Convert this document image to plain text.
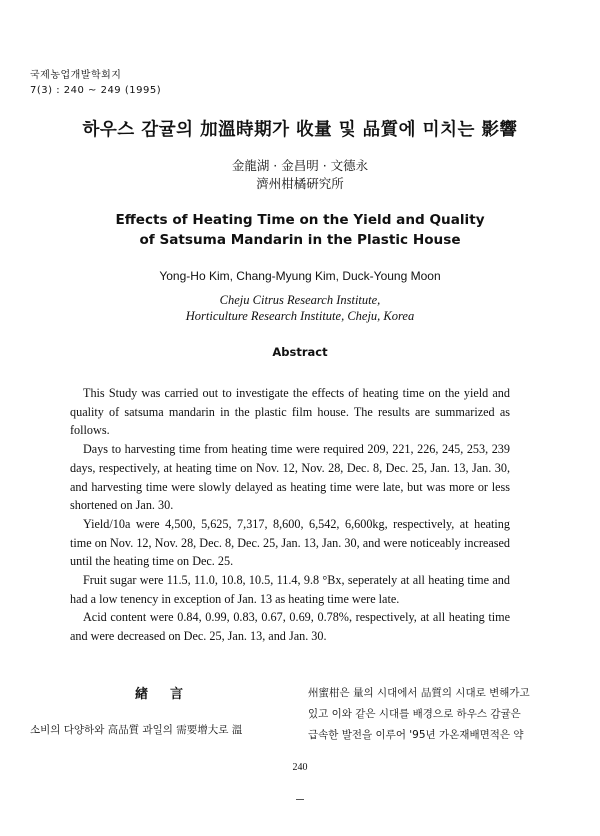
국제농업개발학회지
7(3) : 240 ~ 249 (1995)
하우스 감귤의 加溫時期가 收量 및 品質에 미치는 影響
金龍湖 · 金昌明 · 文德永
濟州柑橘硏究所
Effects of Heating Time on the Yield and Quality
of Satsuma Mandarin in the Plastic House
Yong-Ho Kim, Chang-Myung Kim, Duck-Young Moon
Cheju Citrus Research Institute,
Horticulture Research Institute, Cheju, Korea
Abstract

This Study was carried out to investigate the effects of heating time on the yield and quality of satsuma mandarin in the plastic film house. The results are summarized as follows.

Days to harvesting time from heating time were required 209, 221, 226, 245, 253, 239 days, respectively, at heating time on Nov. 12, Nov. 28, Dec. 8, Dec. 25, Jan. 13, Jan. 30, and harvesting time were slowly delayed as heating time were late, but was more or less shortened on Jan. 30.

Yield/10a were 4,500, 5,625, 7,317, 8,600, 6,542, 6,600kg, respectively, at heating time on Nov. 12, Nov. 28, Dec. 8, Dec. 25, Jan. 13, Jan. 30, and were noticeably increased until the heating time on Dec. 25.

Fruit sugar were 11.5, 11.0, 10.8, 10.5, 11.4, 9.8 °Bx, seperately at all heating time and had a low tenency in exception of Jan. 13 as heating time were late.

Acid content were 0.84, 0.99, 0.83, 0.67, 0.69, 0.78%, respectively, at all heating time and were decreased on Dec. 25, Jan. 13, and Jan. 30.

緖言
소비의 다양하와 高品質 과일의 需要增大로 溫
州蜜柑은 量의 시대에서 品質의 시대로 변해가고
있고 이와 같은 시대를 배경으로 하우스 감귤은
급속한 발전을 이루어 '95년 가온재배면적은 약
240
